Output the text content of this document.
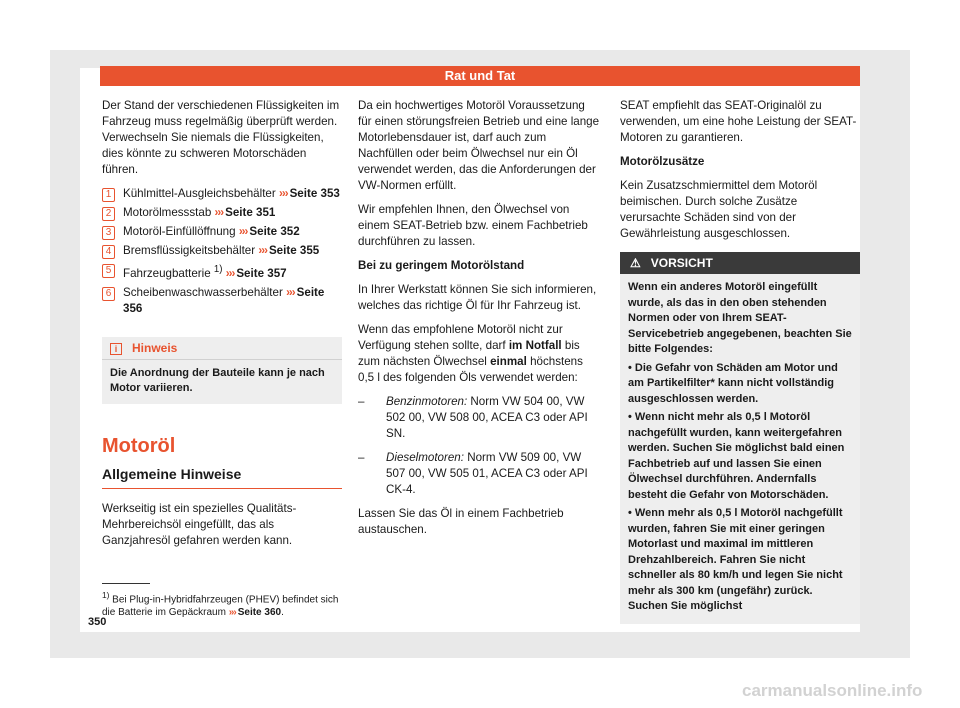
Rat und Tat

Der Stand der verschiedenen Flüssigkeiten im Fahrzeug muss regelmäßig überprüft werden. Verwechseln Sie niemals die Flüssigkeiten, dies könnte zu schweren Motorschäden führen.

1	Kühlmittel-Ausgleichsbehälter ››› Seite 353
2	Motorölmessstab ››› Seite 351
3	Motoröl-Einfüllöffnung ››› Seite 352
4	Bremsflüssigkeitsbehälter ››› Seite 355
5	Fahrzeugbatterie $^{1)}$ ››› Seite 357
6	Scheibenwaschwasserbehälter ››› Seite 356
i Hinweis
Die Anordnung der Bauteile kann je nach Motor variieren.
Motoröl
Allgemeine Hinweise

Werkseitig ist ein spezielles Qualitäts-Mehrbereichsöl eingefüllt, das als Ganzjahresöl gefahren werden kann.

Da ein hochwertiges Motoröl Voraussetzung für einen störungsfreien Betrieb und eine lange Motorlebensdauer ist, darf auch zum Nachfüllen oder beim Ölwechsel nur ein Öl verwendet werden, das die Anforderungen der VW-Normen erfüllt.

Wir empfehlen Ihnen, den Ölwechsel von einem SEAT-Betrieb bzw. einem Fachbetrieb durchführen zu lassen.

Bei zu geringem Motorölstand

In Ihrer Werkstatt können Sie sich informieren, welches das richtige Öl für Ihr Fahrzeug ist.

Wenn das empfohlene Motoröl nicht zur Verfügung stehen sollte, darf im Notfall bis zum nächsten Ölwechsel einmal höchstens 0,5 l des folgenden Öls verwendet werden:

–	Benzinmotoren: Norm VW 504 00, VW 502 00, VW 508 00, ACEA C3 oder API SN.
–	Dieselmotoren: Norm VW 509 00, VW 507 00, VW 505 01, ACEA C3 oder API CK-4.

Lassen Sie das Öl in einem Fachbetrieb austauschen.

SEAT empfiehlt das SEAT-Originalöl zu verwenden, um eine hohe Leistung der SEAT-Motoren zu garantieren.

Motorölzusätze

Kein Zusatzschmiermittel dem Motoröl beimischen. Durch solche Zusätze verursachte Schäden sind von der Gewährleistung ausgeschlossen.

⚠ VORSICHT

Wenn ein anderes Motoröl eingefüllt wurde, als das in den oben stehenden Normen oder von Ihrem SEAT-Servicebetrieb angegebenen, beachten Sie bitte Folgendes:

• Die Gefahr von Schäden am Motor und am Partikelfilter* kann nicht vollständig ausgeschlossen werden.

• Wenn nicht mehr als 0,5 l Motoröl nachgefüllt wurden, kann weitergefahren werden. Suchen Sie möglichst bald einen Fachbetrieb auf und lassen Sie einen Ölwechsel durchführen. Andernfalls besteht die Gefahr von Motorschäden.

• Wenn mehr als 0,5 l Motoröl nachgefüllt wurden, fahren Sie mit einer geringen Motorlast und maximal im mittleren Drehzahlbereich. Fahren Sie nicht schneller als 80 km/h und legen Sie nicht mehr als 300 km (ungefähr) zurück. Suchen Sie möglichst

$^{1)}$ Bei Plug-in-Hybridfahrzeugen (PHEV) befindet sich die Batterie im Gepäckraum ››› Seite 360.
350
carmanualsonline.info
